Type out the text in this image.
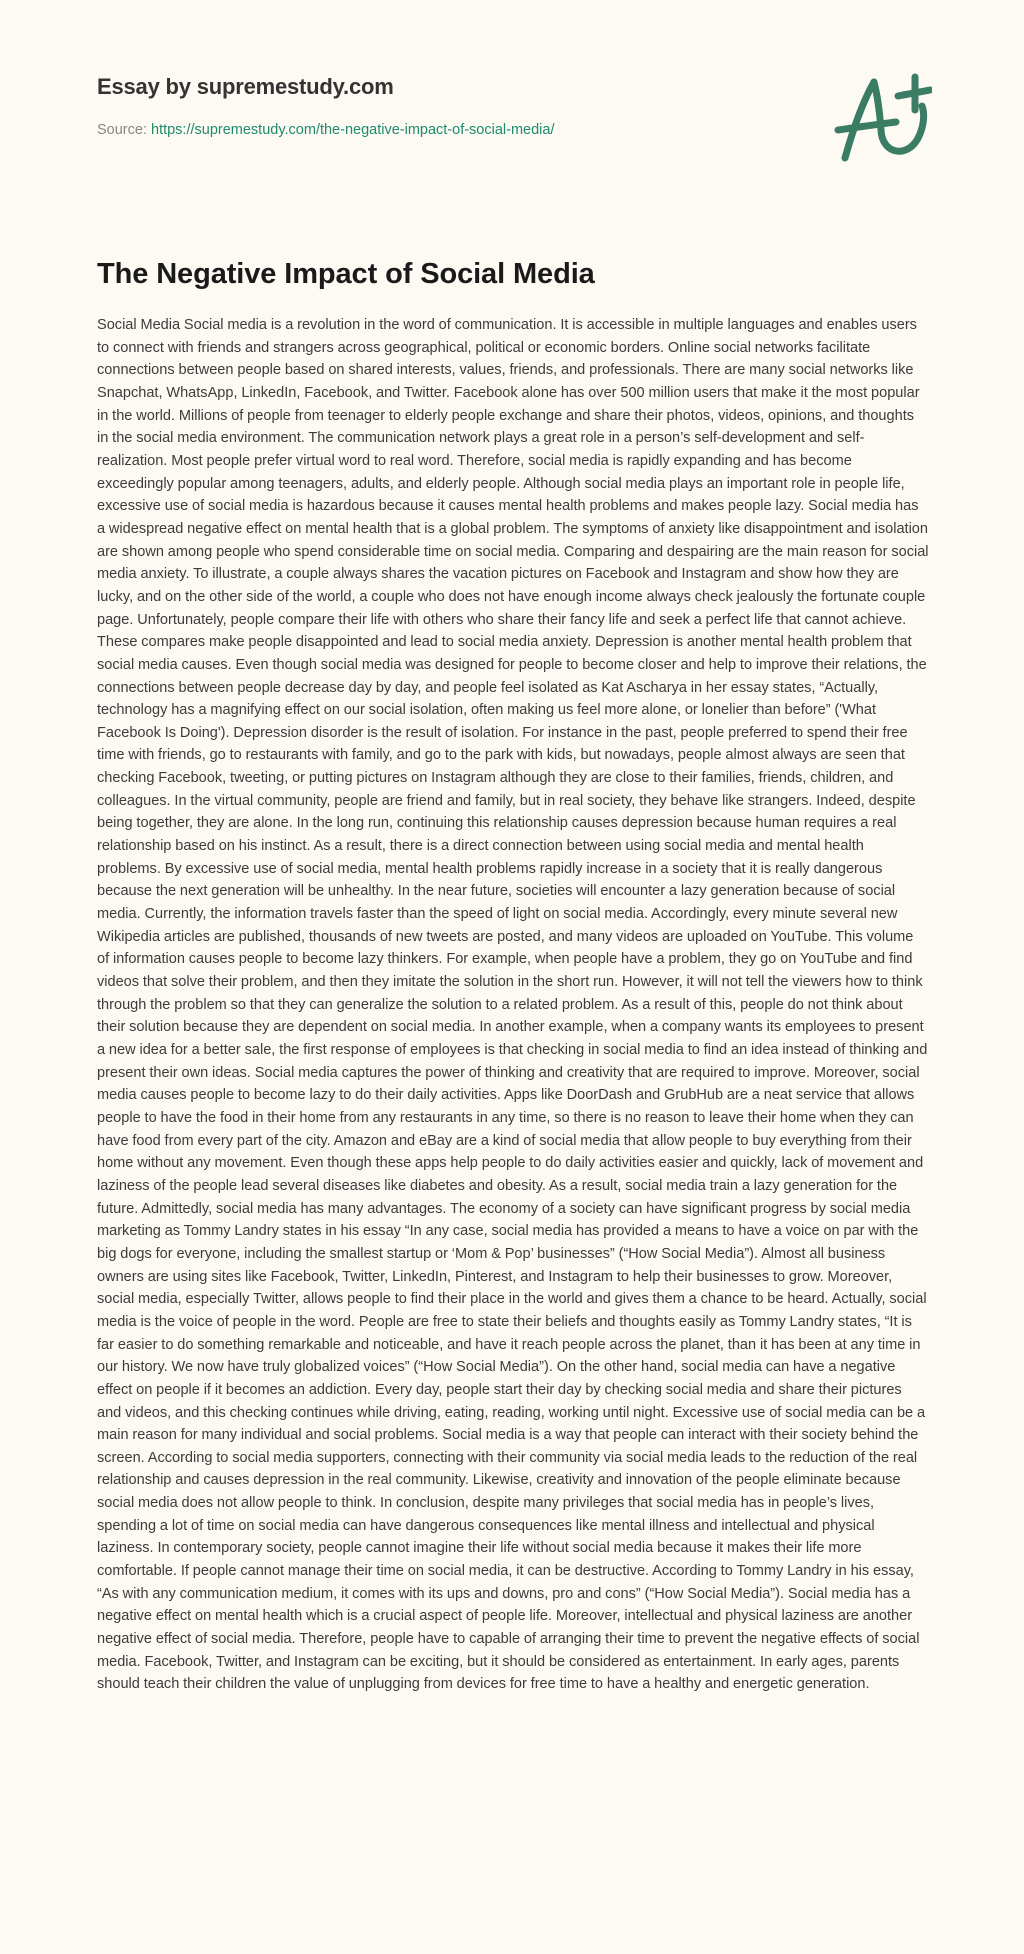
Essay by supremestudy.com
Source: https://supremestudy.com/the-negative-impact-of-social-media/
The Negative Impact of Social Media

Social Media Social media is a revolution in the word of communication. It is accessible in multiple languages and enables users to connect with friends and strangers across geographical, political or economic borders. Online social networks facilitate connections between people based on shared interests, values, friends, and professionals. There are many social networks like Snapchat, WhatsApp, LinkedIn, Facebook, and Twitter. Facebook alone has over 500 million users that make it the most popular in the world. Millions of people from teenager to elderly people exchange and share their photos, videos, opinions, and thoughts in the social media environment. The communication network plays a great role in a person’s self-development and self-realization. Most people prefer virtual word to real word. Therefore, social media is rapidly expanding and has become exceedingly popular among teenagers, adults, and elderly people. Although social media plays an important role in people life, excessive use of social media is hazardous because it causes mental health problems and makes people lazy. Social media has a widespread negative effect on mental health that is a global problem. The symptoms of anxiety like disappointment and isolation are shown among people who spend considerable time on social media. Comparing and despairing are the main reason for social media anxiety. To illustrate, a couple always shares the vacation pictures on Facebook and Instagram and show how they are lucky, and on the other side of the world, a couple who does not have enough income always check jealously the fortunate couple page. Unfortunately, people compare their life with others who share their fancy life and seek a perfect life that cannot achieve. These compares make people disappointed and lead to social media anxiety. Depression is another mental health problem that social media causes. Even though social media was designed for people to become closer and help to improve their relations, the connections between people decrease day by day, and people feel isolated as Kat Ascharya in her essay states, “Actually, technology has a magnifying effect on our social isolation, often making us feel more alone, or lonelier than before” ('What Facebook Is Doing'). Depression disorder is the result of isolation. For instance in the past, people preferred to spend their free time with friends, go to restaurants with family, and go to the park with kids, but nowadays, people almost always are seen that checking Facebook, tweeting, or putting pictures on Instagram although they are close to their families, friends, children, and colleagues. In the virtual community, people are friend and family, but in real society, they behave like strangers. Indeed, despite being together, they are alone. In the long run, continuing this relationship causes depression because human requires a real relationship based on his instinct. As a result, there is a direct connection between using social media and mental health problems. By excessive use of social media, mental health problems rapidly increase in a society that it is really dangerous because the next generation will be unhealthy. In the near future, societies will encounter a lazy generation because of social media. Currently, the information travels faster than the speed of light on social media. Accordingly, every minute several new Wikipedia articles are published, thousands of new tweets are posted, and many videos are uploaded on YouTube. This volume of information causes people to become lazy thinkers. For example, when people have a problem, they go on YouTube and find videos that solve their problem, and then they imitate the solution in the short run. However, it will not tell the viewers how to think through the problem so that they can generalize the solution to a related problem. As a result of this, people do not think about their solution because they are dependent on social media. In another example, when a company wants its employees to present a new idea for a better sale, the first response of employees is that checking in social media to find an idea instead of thinking and present their own ideas. Social media captures the power of thinking and creativity that are required to improve. Moreover, social media causes people to become lazy to do their daily activities. Apps like DoorDash and GrubHub are a neat service that allows people to have the food in their home from any restaurants in any time, so there is no reason to leave their home when they can have food from every part of the city. Amazon and eBay are a kind of social media that allow people to buy everything from their home without any movement. Even though these apps help people to do daily activities easier and quickly, lack of movement and laziness of the people lead several diseases like diabetes and obesity. As a result, social media train a lazy generation for the future. Admittedly, social media has many advantages. The economy of a society can have significant progress by social media marketing as Tommy Landry states in his essay “In any case, social media has provided a means to have a voice on par with the big dogs for everyone, including the smallest startup or ‘Mom & Pop’ businesses” (“How Social Media”). Almost all business owners are using sites like Facebook, Twitter, LinkedIn, Pinterest, and Instagram to help their businesses to grow. Moreover, social media, especially Twitter, allows people to find their place in the world and gives them a chance to be heard. Actually, social media is the voice of people in the word. People are free to state their beliefs and thoughts easily as Tommy Landry states, “It is far easier to do something remarkable and noticeable, and have it reach people across the planet, than it has been at any time in our history. We now have truly globalized voices” (“How Social Media”). On the other hand, social media can have a negative effect on people if it becomes an addiction. Every day, people start their day by checking social media and share their pictures and videos, and this checking continues while driving, eating, reading, working until night. Excessive use of social media can be a main reason for many individual and social problems. Social media is a way that people can interact with their society behind the screen. According to social media supporters, connecting with their community via social media leads to the reduction of the real relationship and causes depression in the real community. Likewise, creativity and innovation of the people eliminate because social media does not allow people to think. In conclusion, despite many privileges that social media has in people’s lives, spending a lot of time on social media can have dangerous consequences like mental illness and intellectual and physical laziness. In contemporary society, people cannot imagine their life without social media because it makes their life more comfortable. If people cannot manage their time on social media, it can be destructive. According to Tommy Landry in his essay, “As with any communication medium, it comes with its ups and downs, pro and cons” (“How Social Media”). Social media has a negative effect on mental health which is a crucial aspect of people life. Moreover, intellectual and physical laziness are another negative effect of social media. Therefore, people have to capable of arranging their time to prevent the negative effects of social media. Facebook, Twitter, and Instagram can be exciting, but it should be considered as entertainment. In early ages, parents should teach their children the value of unplugging from devices for free time to have a healthy and energetic generation.
